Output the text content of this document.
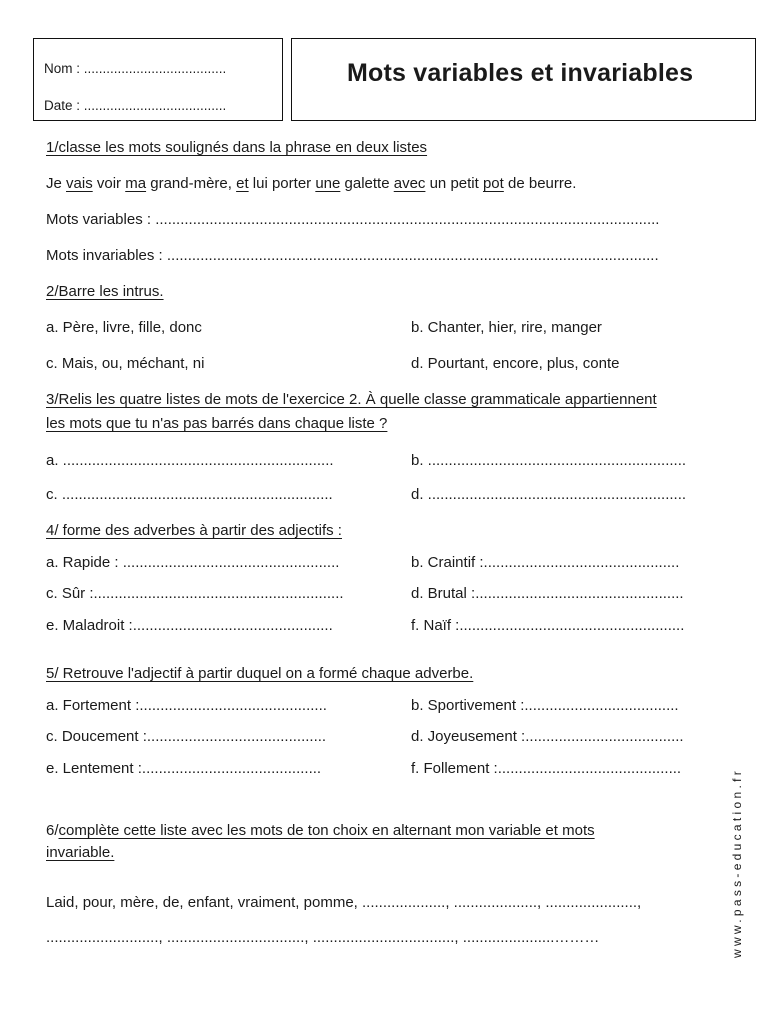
Nom : ......................................
Date : ......................................
Mots variables et invariables
1/classe les mots soulignés dans la phrase en deux listes
Je vais voir ma grand-mère, et lui porter une galette avec un petit pot de beurre.
Mots variables : .........................................................................................................................
Mots invariables : ......................................................................................................................
2/Barre les intrus.
a. Père, livre, fille, donc	b. Chanter, hier, rire, manger
c. Mais, ou, méchant, ni	d. Pourtant, encore, plus, conte
3/Relis les quatre listes de mots de l'exercice 2. À quelle classe grammaticale appartiennent
les mots que tu n'as pas barrés dans chaque liste ?
a. .................................................................	b. ..............................................................
c. .................................................................	d. ..............................................................
4/ forme des adverbes à partir des adjectifs :
a. Rapide : ....................................................	b. Craintif :...............................................
c. Sûr :............................................................	d. Brutal :..................................................
e. Maladroit :................................................	f. Naïf :......................................................
5/ Retrouve l'adjectif à partir duquel on a formé chaque adverbe.
a. Fortement :.............................................	b. Sportivement :.....................................
c. Doucement :...........................................	d. Joyeusement :......................................
e. Lentement :...........................................	f. Follement :............................................
6/complète cette liste avec les mots de ton choix en alternant mon variable et mots
invariable.
Laid, pour, mère, de, enfant, vraiment, pomme, ...................., ...................., ......................,
..........................., ................................., .................................., ......................………	www.pass-education.fr
